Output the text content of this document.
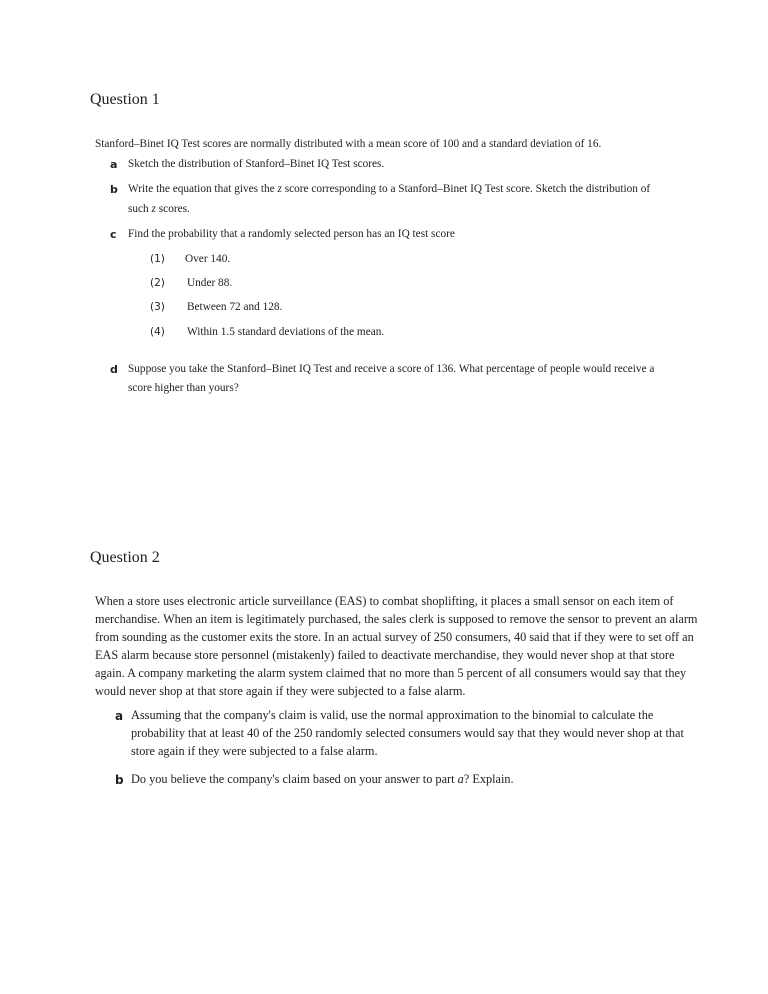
Question 1
Stanford–Binet IQ Test scores are normally distributed with a mean score of 100 and a standard deviation of 16.
a Sketch the distribution of Stanford–Binet IQ Test scores.
b Write the equation that gives the z score corresponding to a Stanford–Binet IQ Test score. Sketch the distribution of
such z scores.
c Find the probability that a randomly selected person has an IQ test score
(1) Over 140.
(2) Under 88.
(3) Between 72 and 128.
(4) Within 1.5 standard deviations of the mean.
d Suppose you take the Stanford–Binet IQ Test and receive a score of 136. What percentage of people would receive a
score higher than yours?
Question 2
When a store uses electronic article surveillance (EAS) to combat shoplifting, it places a small sensor on each item of
merchandise. When an item is legitimately purchased, the sales clerk is supposed to remove the sensor to prevent an alarm
from sounding as the customer exits the store. In an actual survey of 250 consumers, 40 said that if they were to set off an
EAS alarm because store personnel (mistakenly) failed to deactivate merchandise, they would never shop at that store
again. A company marketing the alarm system claimed that no more than 5 percent of all consumers would say that they
would never shop at that store again if they were subjected to a false alarm.
a Assuming that the company's claim is valid, use the normal approximation to the binomial to calculate the
probability that at least 40 of the 250 randomly selected consumers would say that they would never shop at that
store again if they were subjected to a false alarm.
b Do you believe the company's claim based on your answer to part a? Explain.
